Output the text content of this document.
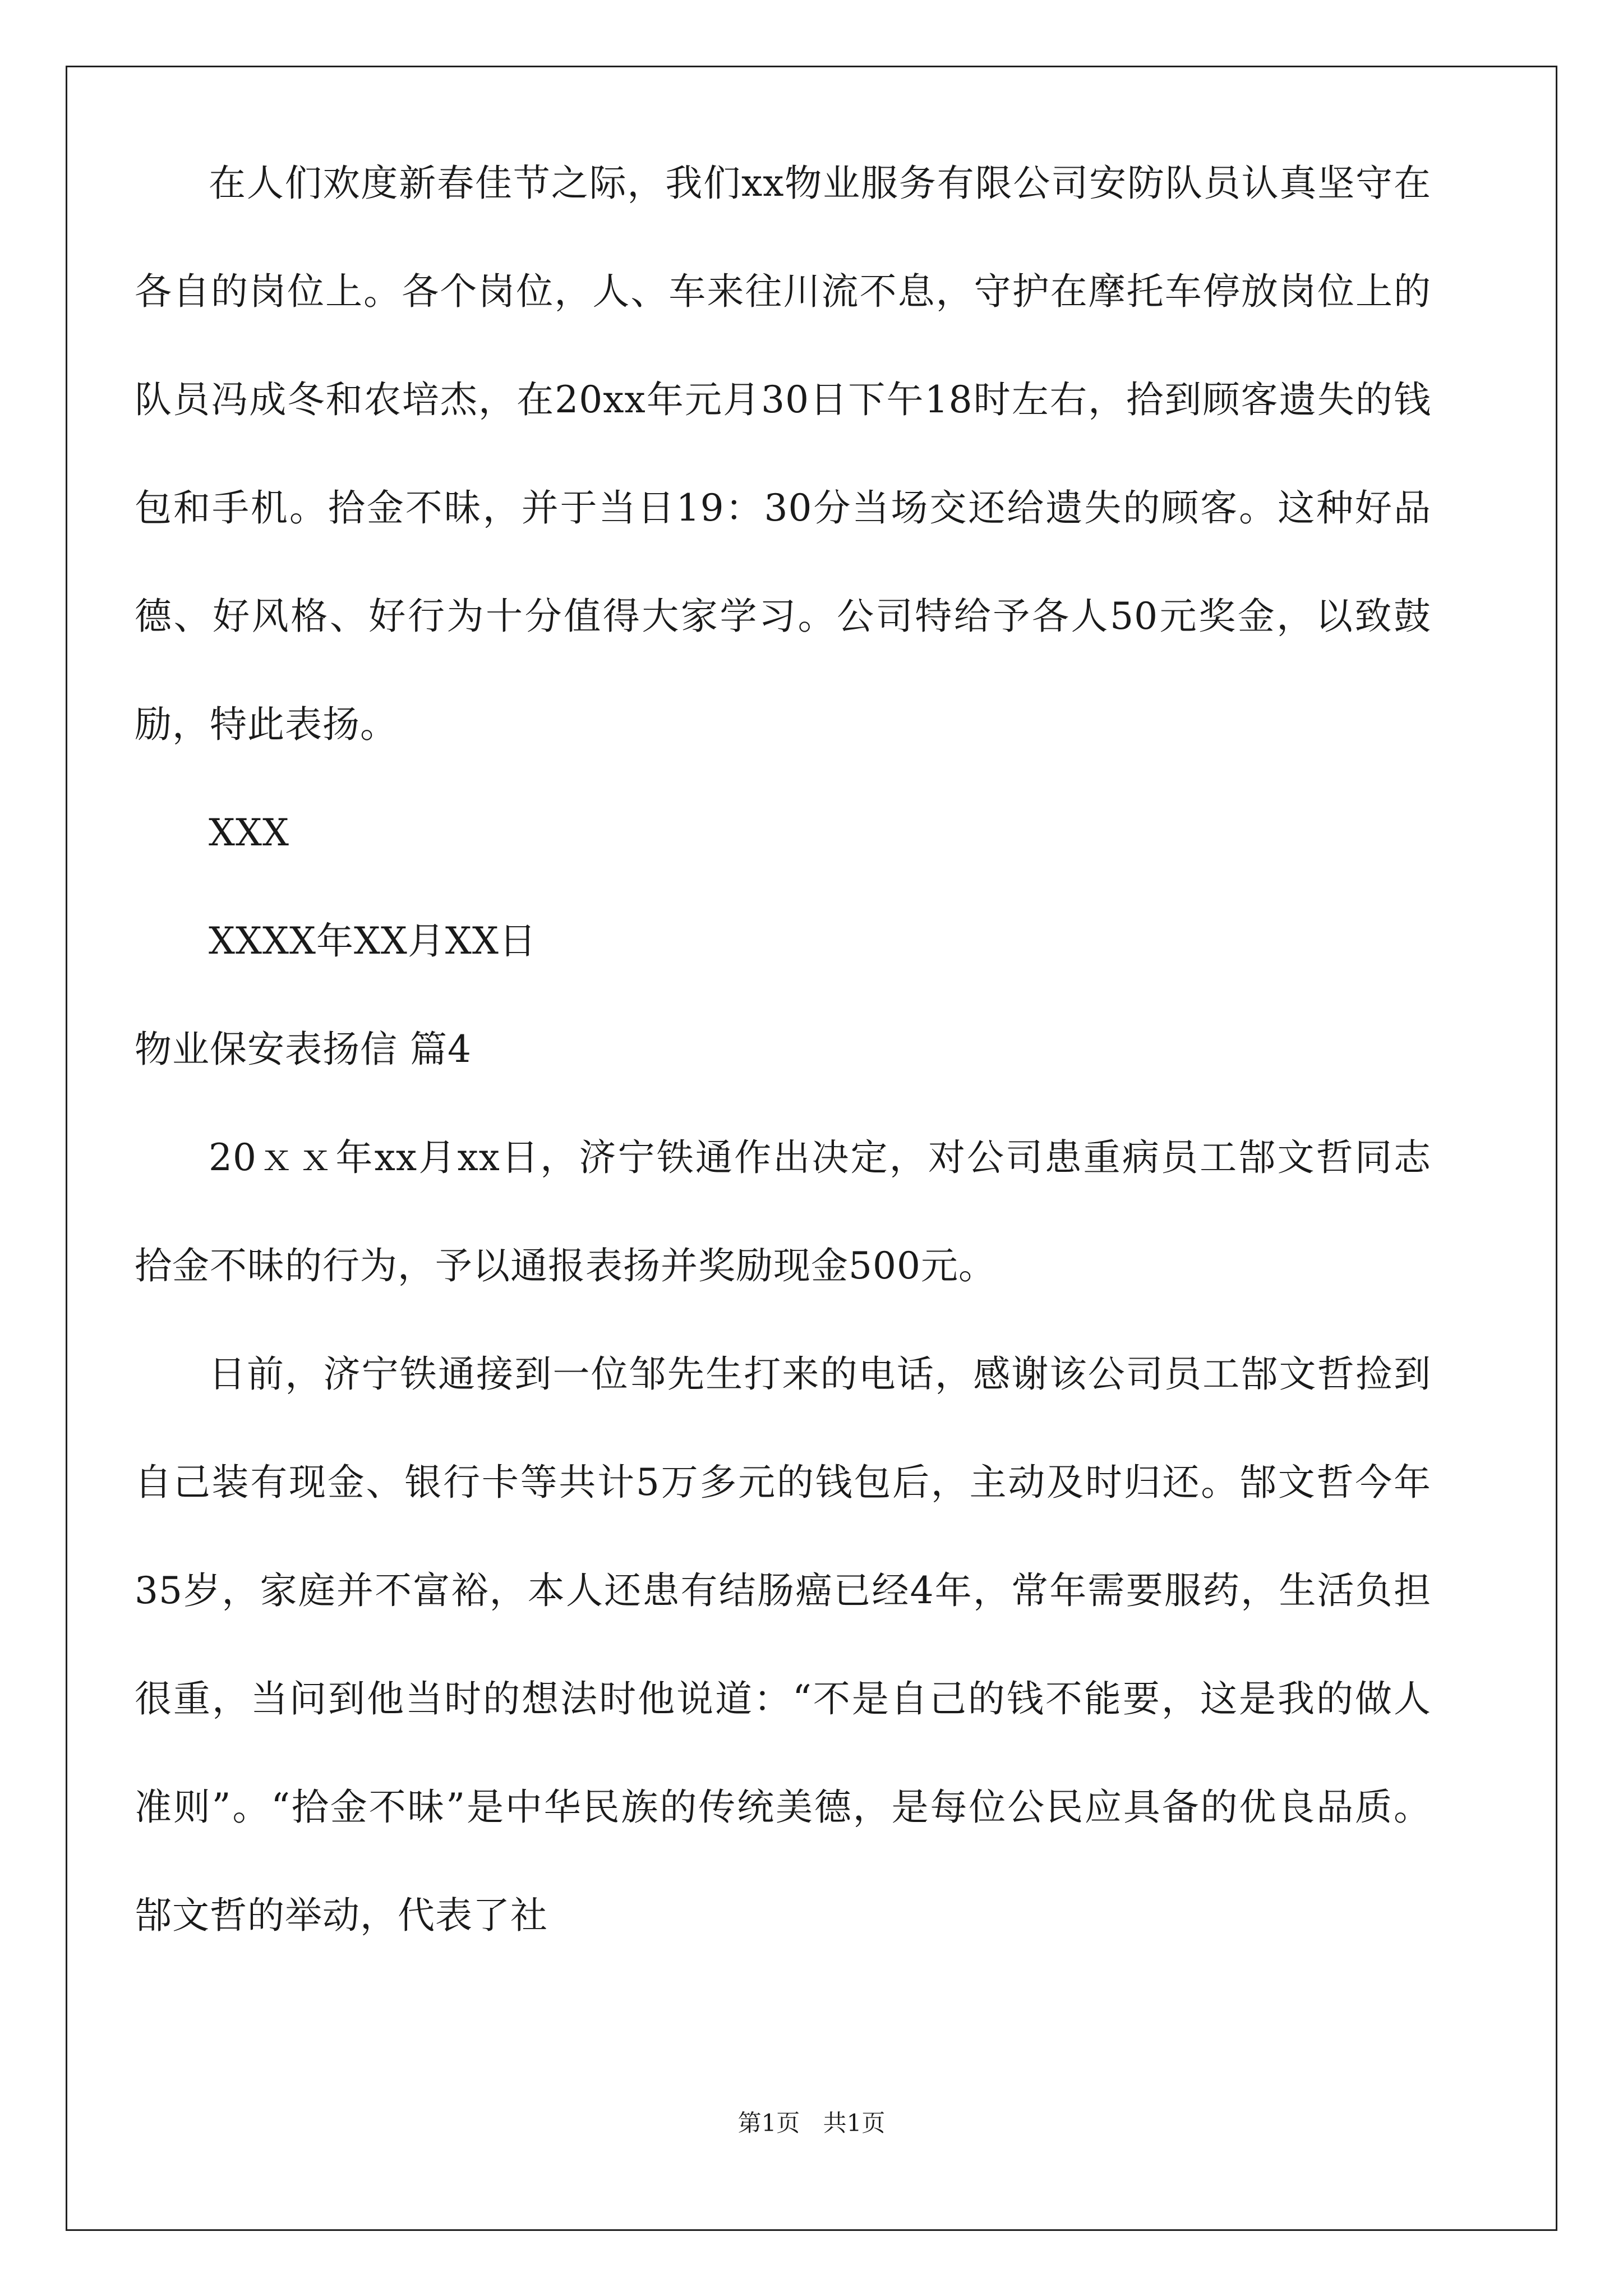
在人们欢度新春佳节之际，我们xx物业服务有限公司安防队员认真坚守在各自的岗位上。各个岗位，人、车来往川流不息，守护在摩托车停放岗位上的队员冯成冬和农培杰，在20xx年元月30日下午18时左右，拾到顾客遗失的钱包和手机。拾金不昧，并于当日19：30分当场交还给遗失的顾客。这种好品德、好风格、好行为十分值得大家学习。公司特给予各人50元奖金，以致鼓励，特此表扬。

XXX

XXXX年XX月XX日

物业保安表扬信 篇4

20ｘｘ年xx月xx日，济宁铁通作出决定，对公司患重病员工郜文哲同志拾金不昧的行为，予以通报表扬并奖励现金500元。

日前，济宁铁通接到一位邹先生打来的电话，感谢该公司员工郜文哲捡到自己装有现金、银行卡等共计5万多元的钱包后，主动及时归还。郜文哲今年35岁，家庭并不富裕，本人还患有结肠癌已经4年，常年需要服药，生活负担很重，当问到他当时的想法时他说道：“不是自己的钱不能要，这是我的做人准则”。“拾金不昧”是中华民族的传统美德，是每位公民应具备的优良品质。郜文哲的举动，代表了社

第1页 共1页
